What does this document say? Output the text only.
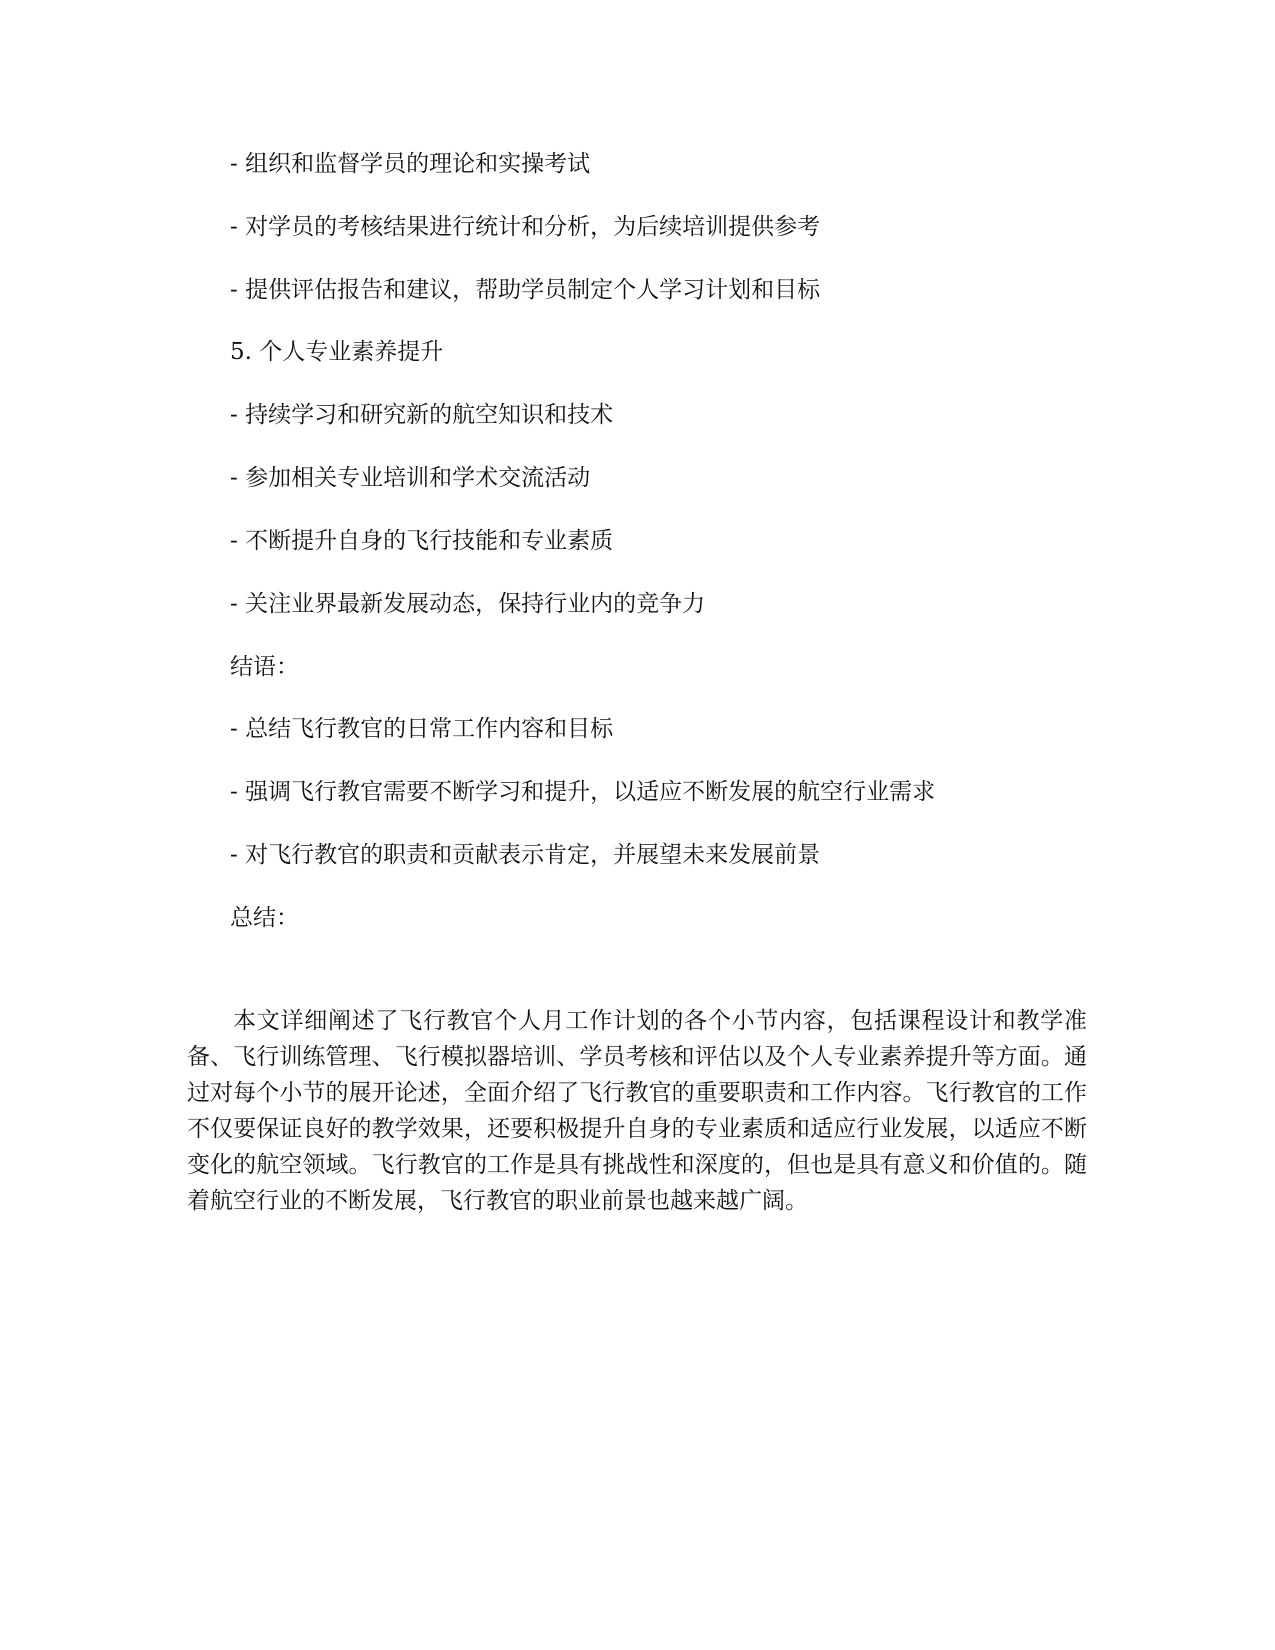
- 组织和监督学员的理论和实操考试
- 对学员的考核结果进行统计和分析，为后续培训提供参考
- 提供评估报告和建议，帮助学员制定个人学习计划和目标
5. 个人专业素养提升
- 持续学习和研究新的航空知识和技术
- 参加相关专业培训和学术交流活动
- 不断提升自身的飞行技能和专业素质
- 关注业界最新发展动态，保持行业内的竞争力
结语：
- 总结飞行教官的日常工作内容和目标
- 强调飞行教官需要不断学习和提升，以适应不断发展的航空行业需求
- 对飞行教官的职责和贡献表示肯定，并展望未来发展前景
总结：

本文详细阐述了飞行教官个人月工作计划的各个小节内容，包括课程设计和教学准备、飞行训练管理、飞行模拟器培训、学员考核和评估以及个人专业素养提升等方面。通过对每个小节的展开论述，全面介绍了飞行教官的重要职责和工作内容。飞行教官的工作不仅要保证良好的教学效果，还要积极提升自身的专业素质和适应行业发展，以适应不断变化的航空领域。飞行教官的工作是具有挑战性和深度的，但也是具有意义和价值的。随着航空行业的不断发展，飞行教官的职业前景也越来越广阔。
